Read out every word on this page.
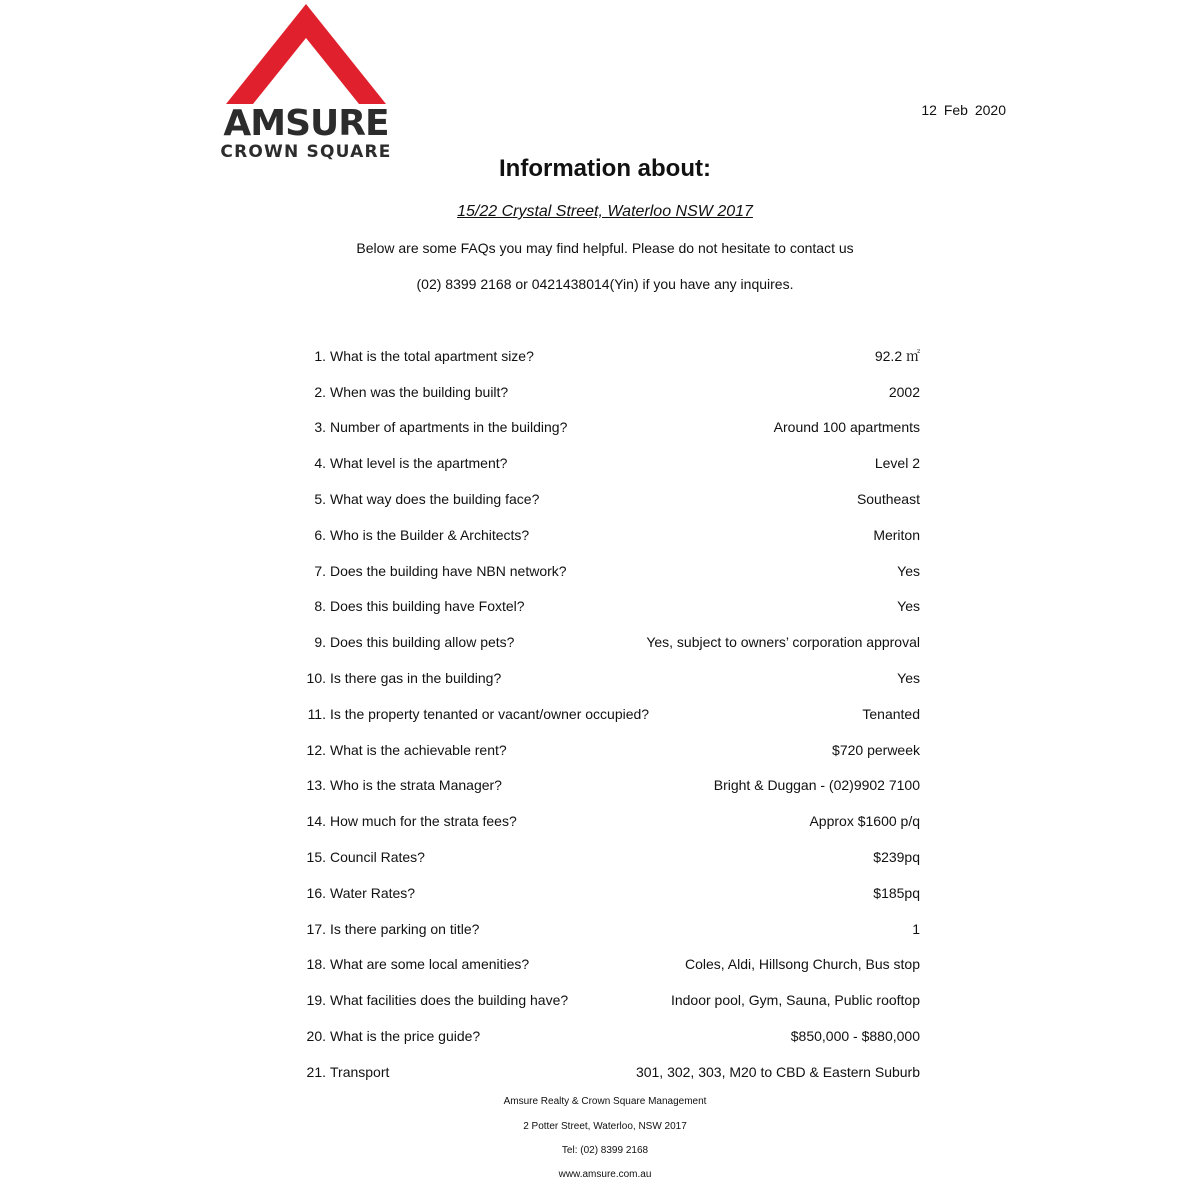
AMSURE
CROWN SQUARE
12 Feb 2020
Information about:
15/22 Crystal Street, Waterloo NSW 2017
Below are some FAQs you may find helpful. Please do not hesitate to contact us
(02) 8399 2168 or 0421438014(Yin) if you have any inquires.
1. What is the total apartment size?	92.2 ㎡
2. When was the building built?	2002
3. Number of apartments in the building?	Around 100 apartments
4. What level is the apartment?	Level 2
5. What way does the building face?	Southeast
6. Who is the Builder & Architects?	Meriton
7. Does the building have NBN network?	Yes
8. Does this building have Foxtel?	Yes
9. Does this building allow pets?	Yes, subject to owners’ corporation approval
10. Is there gas in the building?	Yes
11. Is the property tenanted or vacant/owner occupied?	Tenanted
12. What is the achievable rent?	$720 perweek
13. Who is the strata Manager?	Bright & Duggan - (02)9902 7100
14. How much for the strata fees?	Approx $1600 p/q
15. Council Rates?	$239pq
16. Water Rates?	$185pq
17. Is there parking on title?	1
18. What are some local amenities?	Coles, Aldi, Hillsong Church, Bus stop
19. What facilities does the building have?	Indoor pool, Gym, Sauna, Public rooftop
20. What is the price guide?	$850,000 - $880,000
21. Transport	301, 302, 303, M20 to CBD & Eastern Suburb
Amsure Realty & Crown Square Management
2 Potter Street, Waterloo, NSW 2017
Tel: (02) 8399 2168
www.amsure.com.au
